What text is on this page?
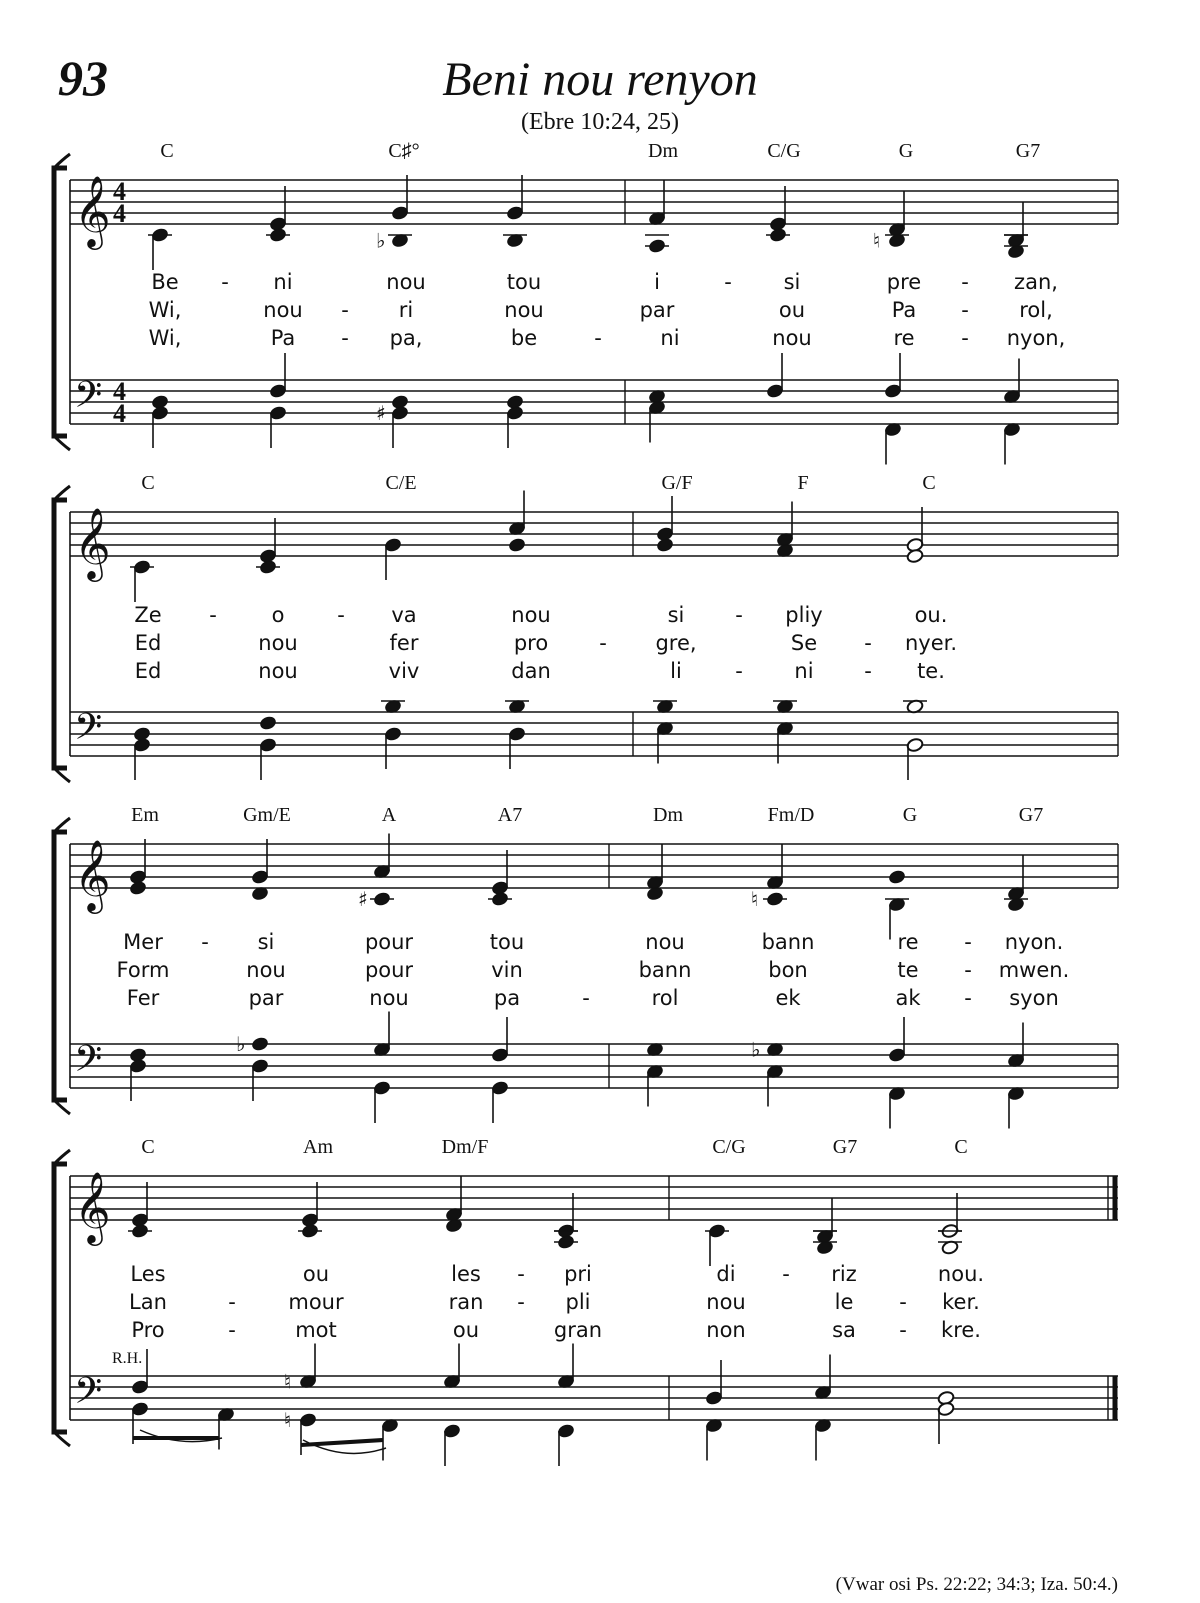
93	Beni nou renyon
(Ebre 10:24, 25)
𝄞
𝄢
4
4
4
4
𝄞
𝄢
𝄞
𝄢
𝄞
𝄢
♭	♮
♯
♯	♮
♭	♭
♮
♮
C	C♯°	Dm	C/G	G	G7
Be - ni	nou	tou	i	- si	pre - zan,
Wi,	nou - ri	nou	par	ou	Pa - rol,
Wi,	Pa - pa,	be	-	ni	nou	re - nyon,
C	C/E	G/F	F	C
Ze -	o	- va	nou	si - pliy	ou.
Ed	nou	fer	pro - gre,	Se - nyer.
Ed	nou	viv	dan	li	- ni - te.
Em	Gm/E	A	A7	Dm	Fm/D	G	G7
Mer - si	pour	tou	nou	bann	re - nyon.
Form	nou	pour	vin	bann	bon	te - mwen.
Fer	par	nou	pa	-	rol	ek	ak - syon
C	Am	Dm/F	C/G	G7	C
Les	ou	les - pri	di - riz	nou.
Lan	-	mour	ran - pli	nou	le - ker.
Pro	-	mot	ou	gran	non	sa - kre.
R.H.
(Vwar osi Ps. 22:22; 34:3; Iza. 50:4.)
